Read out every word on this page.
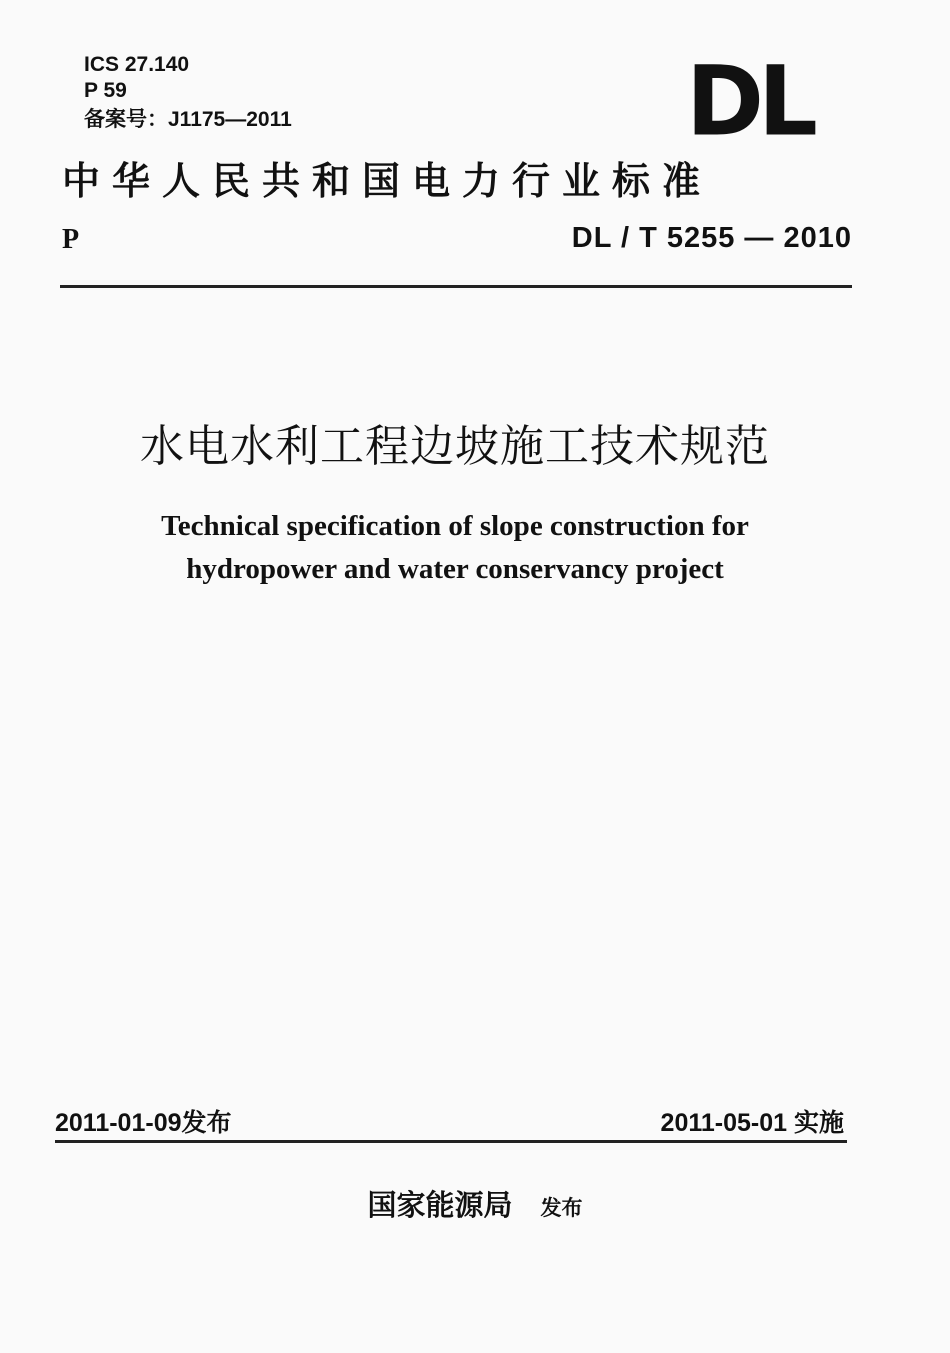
ICS 27.140
P 59
备案号：J1175—2011	DL
中华人民共和国电力行业标准
P	DL / T 5255 — 2010
水电水利工程边坡施工技术规范
Technical specification of slope construction for
hydropower and water conservancy project
2011-01-09发布	2011-05-01 实施
国家能源局 发布
